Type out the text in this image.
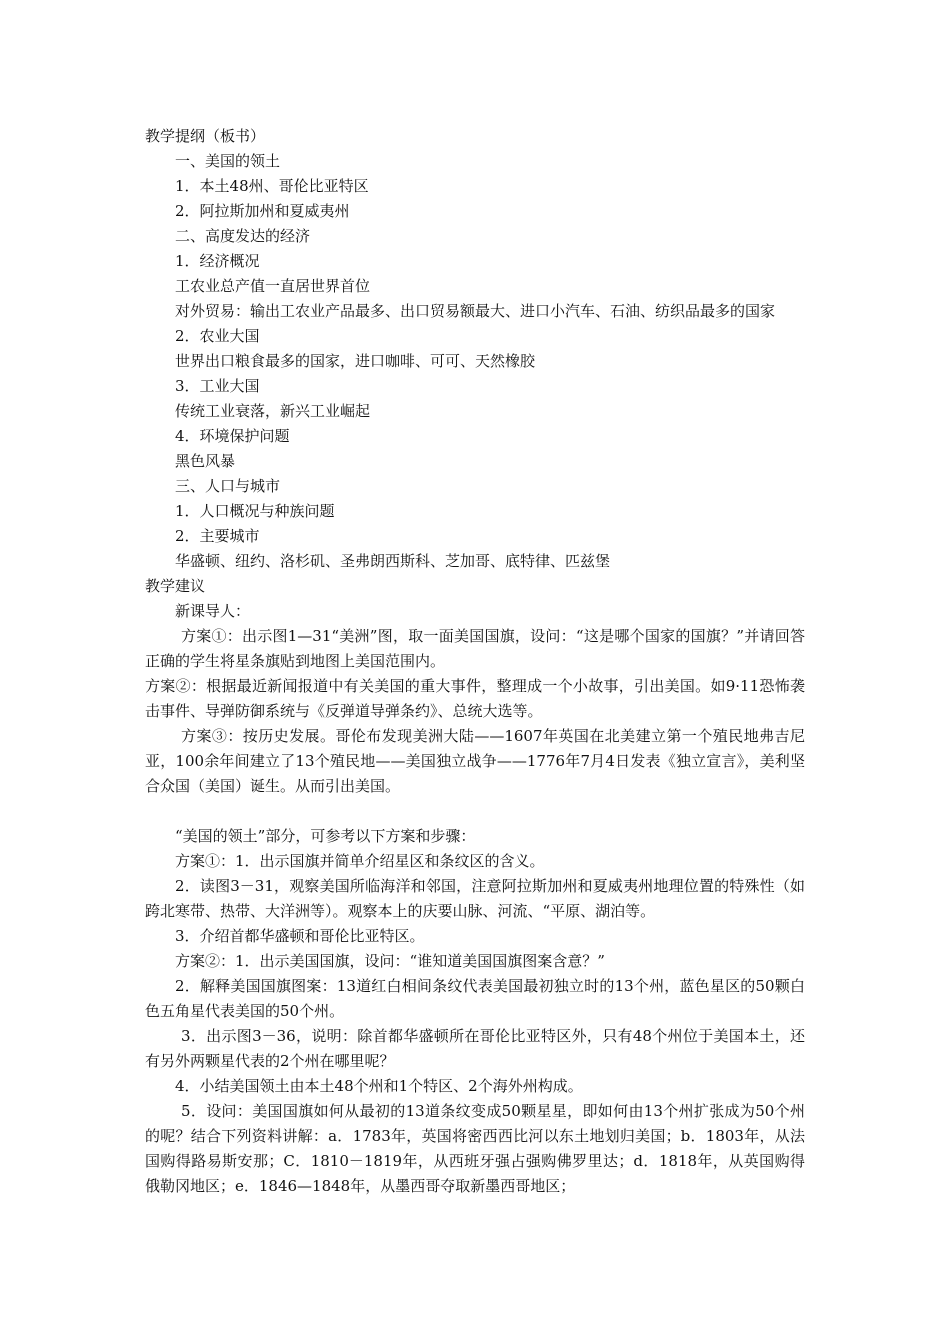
教学提纲（板书）

一、美国的领土

1．本土48州、哥伦比亚特区

2．阿拉斯加州和夏威夷州

二、高度发达的经济

1．经济概况

工农业总产值一直居世界首位

对外贸易：输出工农业产品最多、出口贸易额最大、进口小汽车、石油、纺织品最多的国家

2．农业大国

世界出口粮食最多的国家，进口咖啡、可可、天然橡胶

3．工业大国

传统工业衰落，新兴工业崛起

4．环境保护问题

黑色风暴

三、人口与城市

1．人口概况与种族问题

2．主要城市

华盛顿、纽约、洛杉矶、圣弗朗西斯科、芝加哥、底特律、匹兹堡

教学建议

新课导人：

方案①：出示图1—31“美洲”图，取一面美国国旗，设问：“这是哪个国家的国旗？”并请回答正确的学生将星条旗贴到地图上美国范围内。

方案②：根据最近新闻报道中有关美国的重大事件，整理成一个小故事，引出美国。如9·11恐怖袭击事件、导弹防御系统与《反弹道导弹条约》、总统大选等。

方案③：按历史发展。哥伦布发现美洲大陆——1607年英国在北美建立第一个殖民地弗吉尼亚，100余年间建立了13个殖民地——美国独立战争——1776年7月4日发表《独立宣言》，美利坚合众国（美国）诞生。从而引出美国。

“美国的领土”部分，可参考以下方案和步骤：

方案①：1．出示国旗并简单介绍星区和条纹区的含义。

2．读图3－31，观察美国所临海洋和邻国，注意阿拉斯加州和夏威夷州地理位置的特殊性（如跨北寒带、热带、大洋洲等）。观察本上的庆要山脉、河流、“平原、湖泊等。

3．介绍首都华盛顿和哥伦比亚特区。

方案②：1．出示美国国旗，设问：“谁知道美国国旗图案含意？”

2．解释美国国旗图案：13道红白相间条纹代表美国最初独立时的13个州，蓝色星区的50颗白色五角星代表美国的50个州。

3．出示图3－36，说明：除首都华盛顿所在哥伦比亚特区外，只有48个州位于美国本土，还有另外两颗星代表的2个州在哪里呢？

4．小结美国领土由本土48个州和1个特区、2个海外州构成。

5．设问：美国国旗如何从最初的13道条纹变成50颗星星，即如何由13个州扩张成为50个州的呢？结合下列资料讲解：a．1783年，英国将密西西比河以东土地划归美国；b．1803年，从法国购得路易斯安那；C．1810－1819年，从西班牙强占强购佛罗里达；d．1818年，从英国购得俄勒冈地区；e．1846—1848年，从墨西哥夺取新墨西哥地区；
